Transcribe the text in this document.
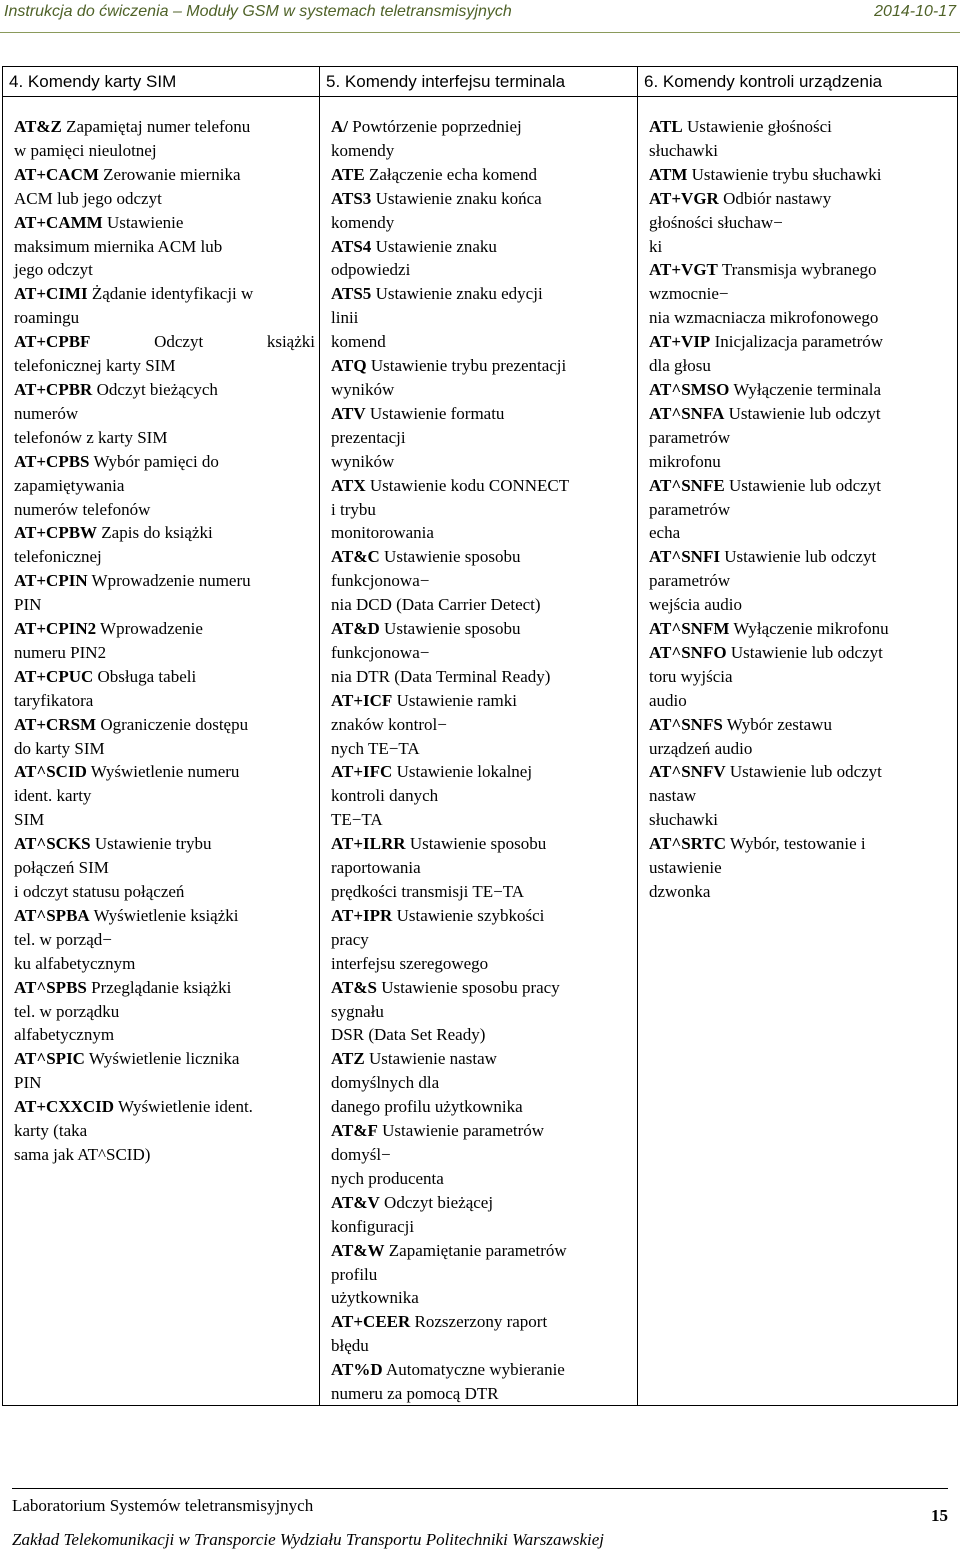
Instrukcja do ćwiczenia – Moduły GSM w systemach teletransmisyjnych	2014-10-17
4. Komendy karty SIM
AT&Z Zapamiętaj numer telefonu
w pamięci nieulotnej
AT+CACM Zerowanie miernika
ACM lub jego odczyt
AT+CAMM Ustawienie
maksimum miernika ACM lub
jego odczyt
AT+CIMI Żądanie identyfikacji w
roamingu
AT+CPBF Odczyt książki
telefonicznej karty SIM
AT+CPBR Odczyt bieżących
numerów
telefonów z karty SIM
AT+CPBS Wybór pamięci do
zapamiętywania
numerów telefonów
AT+CPBW Zapis do książki
telefonicznej
AT+CPIN Wprowadzenie numeru
PIN
AT+CPIN2 Wprowadzenie
numeru PIN2
AT+CPUC Obsługa tabeli
taryfikatora
AT+CRSM Ograniczenie dostępu
do karty SIM
AT^SCID Wyświetlenie numeru
ident. karty
SIM
AT^SCKS Ustawienie trybu
połączeń SIM
i odczyt statusu połączeń
AT^SPBA Wyświetlenie książki
tel. w porząd−
ku alfabetycznym
AT^SPBS Przeglądanie książki
tel. w porządku
alfabetycznym
AT^SPIC Wyświetlenie licznika
PIN
AT+CXXCID Wyświetlenie ident.
karty (taka
sama jak AT^SCID)
5. Komendy interfejsu terminala
A/ Powtórzenie poprzedniej
komendy
ATE Załączenie echa komend
ATS3 Ustawienie znaku końca
komendy
ATS4 Ustawienie znaku
odpowiedzi
ATS5 Ustawienie znaku edycji
linii
komend
ATQ Ustawienie trybu prezentacji
wyników
ATV Ustawienie formatu
prezentacji
wyników
ATX Ustawienie kodu CONNECT
i trybu
monitorowania
AT&C Ustawienie sposobu
funkcjonowa−
nia DCD (Data Carrier Detect)
AT&D Ustawienie sposobu
funkcjonowa−
nia DTR (Data Terminal Ready)
AT+ICF Ustawienie ramki
znaków kontrol−
nych TE−TA
AT+IFC Ustawienie lokalnej
kontroli danych
TE−TA
AT+ILRR Ustawienie sposobu
raportowania
prędkości transmisji TE−TA
AT+IPR Ustawienie szybkości
pracy
interfejsu szeregowego
AT&S Ustawienie sposobu pracy
sygnału
DSR (Data Set Ready)
ATZ Ustawienie nastaw
domyślnych dla
danego profilu użytkownika
AT&F Ustawienie parametrów
domyśl−
nych producenta
AT&V Odczyt bieżącej
konfiguracji
AT&W Zapamiętanie parametrów
profilu
użytkownika
AT+CEER Rozszerzony raport
błędu
AT%D Automatyczne wybieranie
numeru za pomocą DTR
6. Komendy kontroli urządzenia
ATL Ustawienie głośności
słuchawki
ATM Ustawienie trybu słuchawki
AT+VGR Odbiór nastawy
głośności słuchaw−
ki
AT+VGT Transmisja wybranego
wzmocnie−
nia wzmacniacza mikrofonowego
AT+VIP Inicjalizacja parametrów
dla głosu
AT^SMSO Wyłączenie terminala
AT^SNFA Ustawienie lub odczyt
parametrów
mikrofonu
AT^SNFE Ustawienie lub odczyt
parametrów
echa
AT^SNFI Ustawienie lub odczyt
parametrów
wejścia audio
AT^SNFM Wyłączenie mikrofonu
AT^SNFO Ustawienie lub odczyt
toru wyjścia
audio
AT^SNFS Wybór zestawu
urządzeń audio
AT^SNFV Ustawienie lub odczyt
nastaw
słuchawki
AT^SRTC Wybór, testowanie i
ustawienie
dzwonka
Laboratorium Systemów teletransmisyjnych
Zakład Telekomunikacji w Transporcie Wydziału Transportu Politechniki Warszawskiej
15
